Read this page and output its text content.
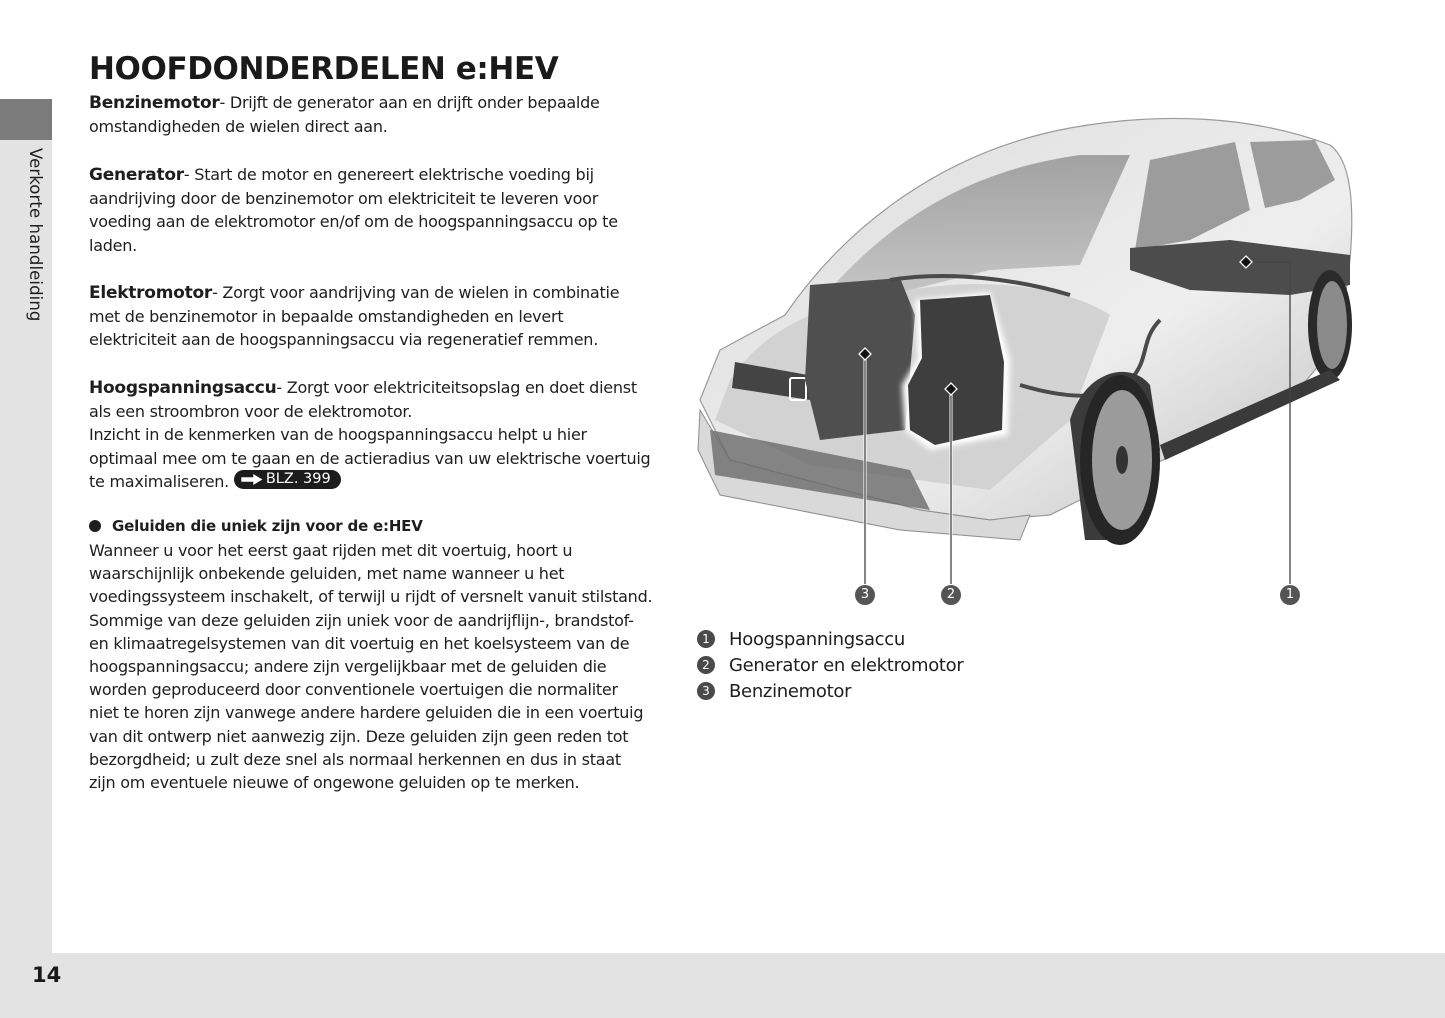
Verkorte handleiding
14
HOOFDONDERDELEN e:HEV
Benzinemotor- Drijft de generator aan en drijft onder bepaalde
omstandigheden de wielen direct aan.
Generator- Start de motor en genereert elektrische voeding bij
aandrijving door de benzinemotor om elektriciteit te leveren voor
voeding aan de elektromotor en/of om de hoogspanningsaccu op te
laden.
Elektromotor- Zorgt voor aandrijving van de wielen in combinatie
met de benzinemotor in bepaalde omstandigheden en levert
elektriciteit aan de hoogspanningsaccu via regeneratief remmen.
Hoogspanningsaccu- Zorgt voor elektriciteitsopslag en doet dienst
als een stroombron voor de elektromotor.
Inzicht in de kenmerken van de hoogspanningsaccu helpt u hier
optimaal mee om te gaan en de actieradius van uw elektrische voertuig
te maximaliseren.	BLZ. 399
Geluiden die uniek zijn voor de e:HEV
Wanneer u voor het eerst gaat rijden met dit voertuig, hoort u
waarschijnlijk onbekende geluiden, met name wanneer u het
voedingssysteem inschakelt, of terwijl u rijdt of versnelt vanuit stilstand.
Sommige van deze geluiden zijn uniek voor de aandrijflijn-, brandstof-
en klimaatregelsystemen van dit voertuig en het koelsysteem van de
hoogspanningsaccu; andere zijn vergelijkbaar met de geluiden die
worden geproduceerd door conventionele voertuigen die normaliter
niet te horen zijn vanwege andere hardere geluiden die in een voertuig
van dit ontwerp niet aanwezig zijn. Deze geluiden zijn geen reden tot
bezorgdheid; u zult deze snel als normaal herkennen en dus in staat
zijn om eventuele nieuwe of ongewone geluiden op te merken.
3	2	1
1 Hoogspanningsaccu
2 Generator en elektromotor
3 Benzinemotor
